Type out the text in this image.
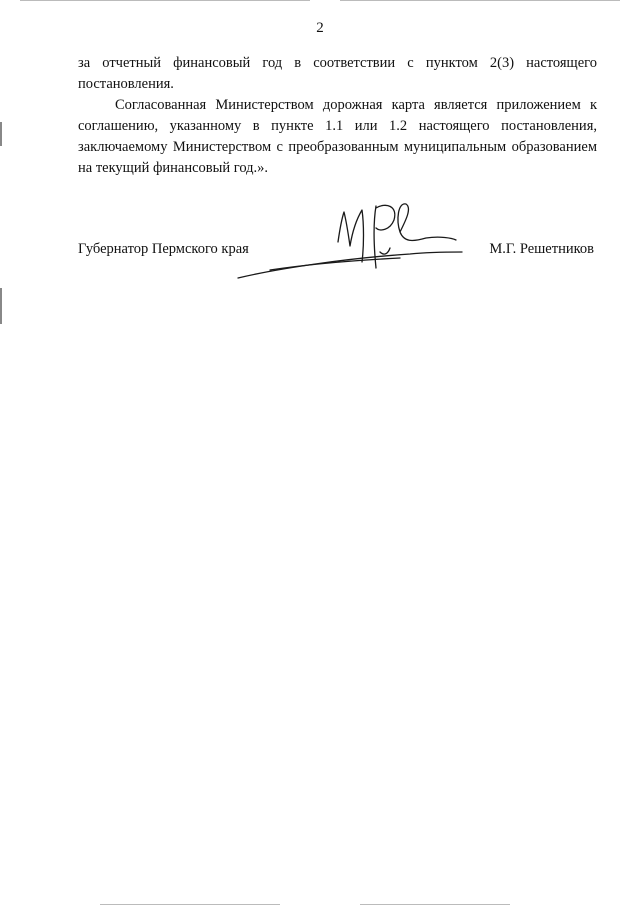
2

за отчетный финансовый год в соответствии с пунктом 2(3) настоящего постановления.

Согласованная Министерством дорожная карта является приложением к соглашению, указанному в пункте 1.1 или 1.2 настоящего постановления, заключаемому Министерством с преобразованным муниципальным образованием на текущий финансовый год.».

Губернатор Пермского края	М.Г. Решетников
